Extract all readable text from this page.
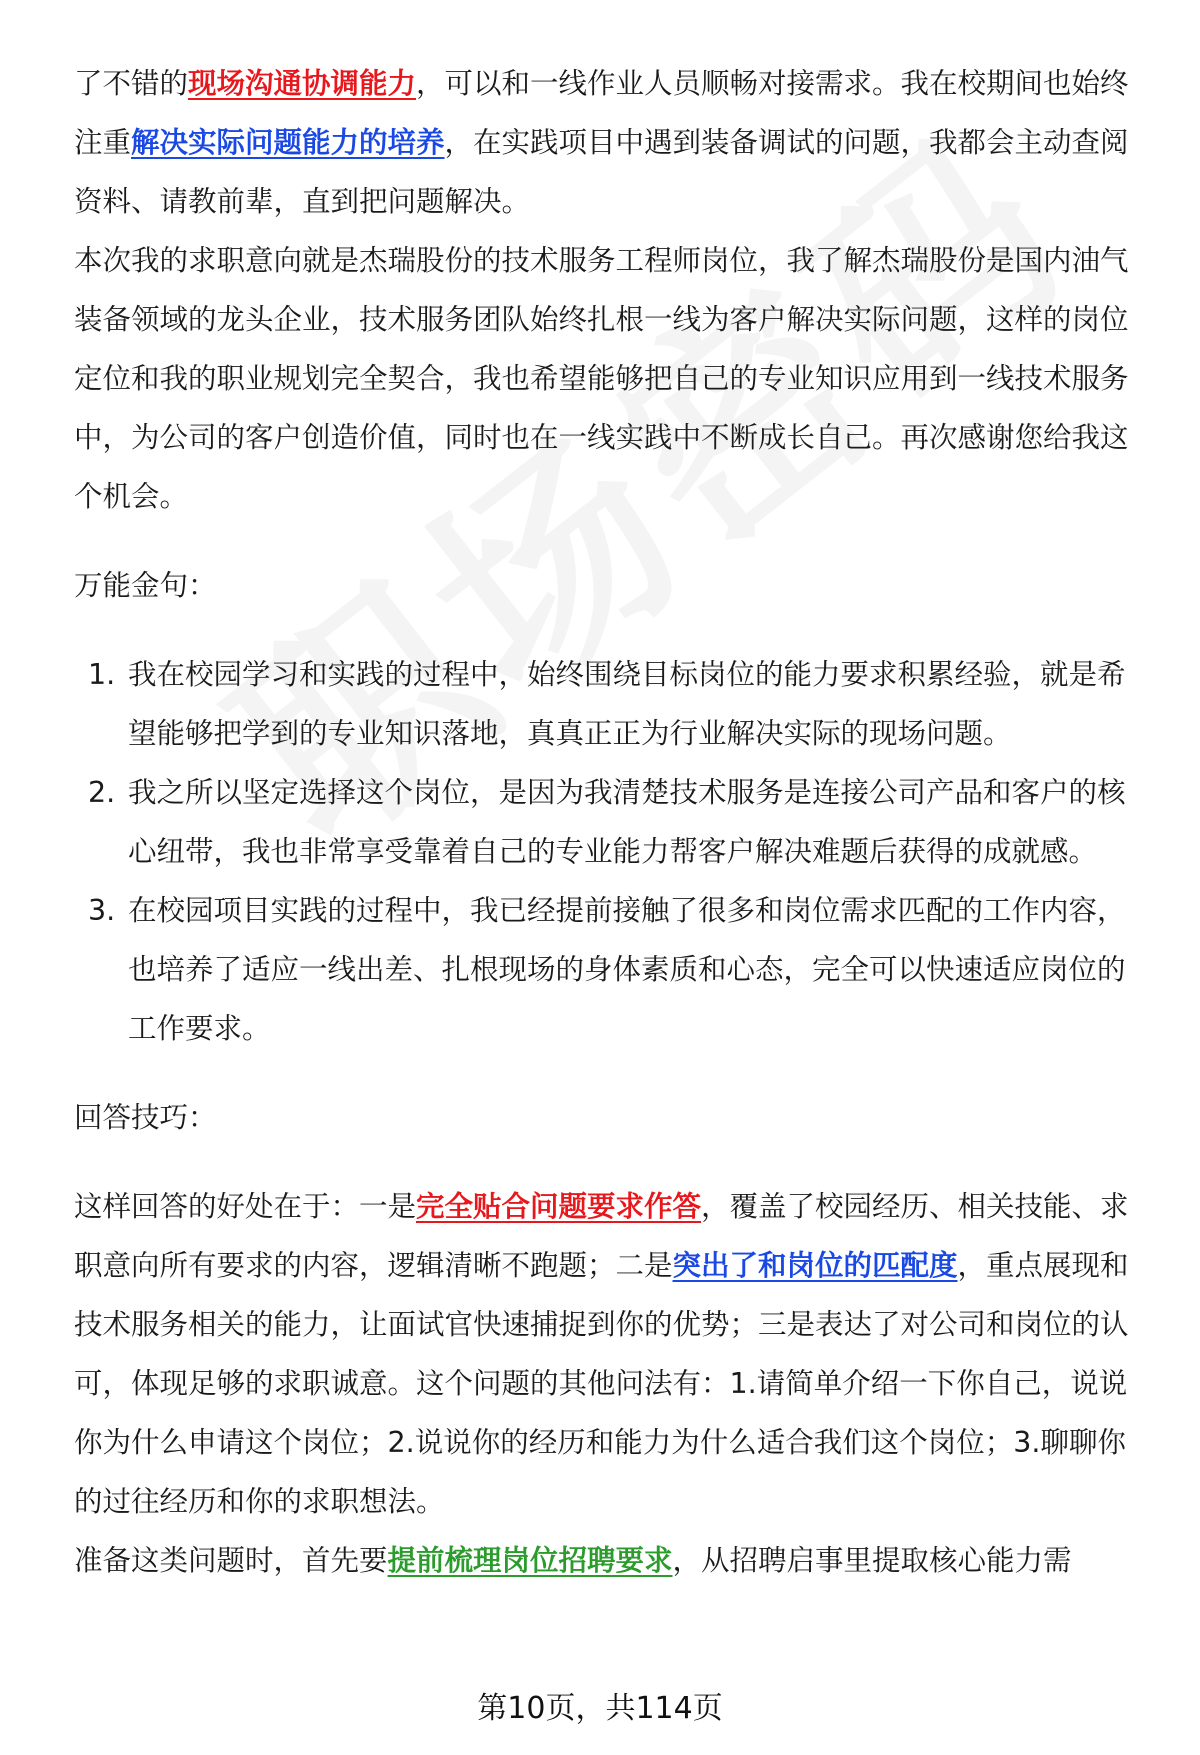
了不错的现场沟通协调能力，可以和一线作业人员顺畅对接需求。我在校期间也始终注重解决实际问题能力的培养，在实践项目中遇到装备调试的问题，我都会主动查阅资料、请教前辈，直到把问题解决。

本次我的求职意向就是杰瑞股份的技术服务工程师岗位，我了解杰瑞股份是国内油气装备领域的龙头企业，技术服务团队始终扎根一线为客户解决实际问题，这样的岗位定位和我的职业规划完全契合，我也希望能够把自己的专业知识应用到一线技术服务中，为公司的客户创造价值，同时也在一线实践中不断成长自己。再次感谢您给我这个机会。

万能金句：

1. 我在校园学习和实践的过程中，始终围绕目标岗位的能力要求积累经验，就是希望能够把学到的专业知识落地，真真正正为行业解决实际的现场问题。
2. 我之所以坚定选择这个岗位，是因为我清楚技术服务是连接公司产品和客户的核心纽带，我也非常享受靠着自己的专业能力帮客户解决难题后获得的成就感。
3. 在校园项目实践的过程中，我已经提前接触了很多和岗位需求匹配的工作内容，也培养了适应一线出差、扎根现场的身体素质和心态，完全可以快速适应岗位的工作要求。

回答技巧：

这样回答的好处在于：一是完全贴合问题要求作答，覆盖了校园经历、相关技能、求职意向所有要求的内容，逻辑清晰不跑题；二是突出了和岗位的匹配度，重点展现和技术服务相关的能力，让面试官快速捕捉到你的优势；三是表达了对公司和岗位的认可，体现足够的求职诚意。这个问题的其他问法有：1.请简单介绍一下你自己，说说你为什么申请这个岗位；2.说说你的经历和能力为什么适合我们这个岗位；3.聊聊你的过往经历和你的求职想法。

准备这类问题时，首先要提前梳理岗位招聘要求，从招聘启事里提取核心能力需

第10页，共114页
